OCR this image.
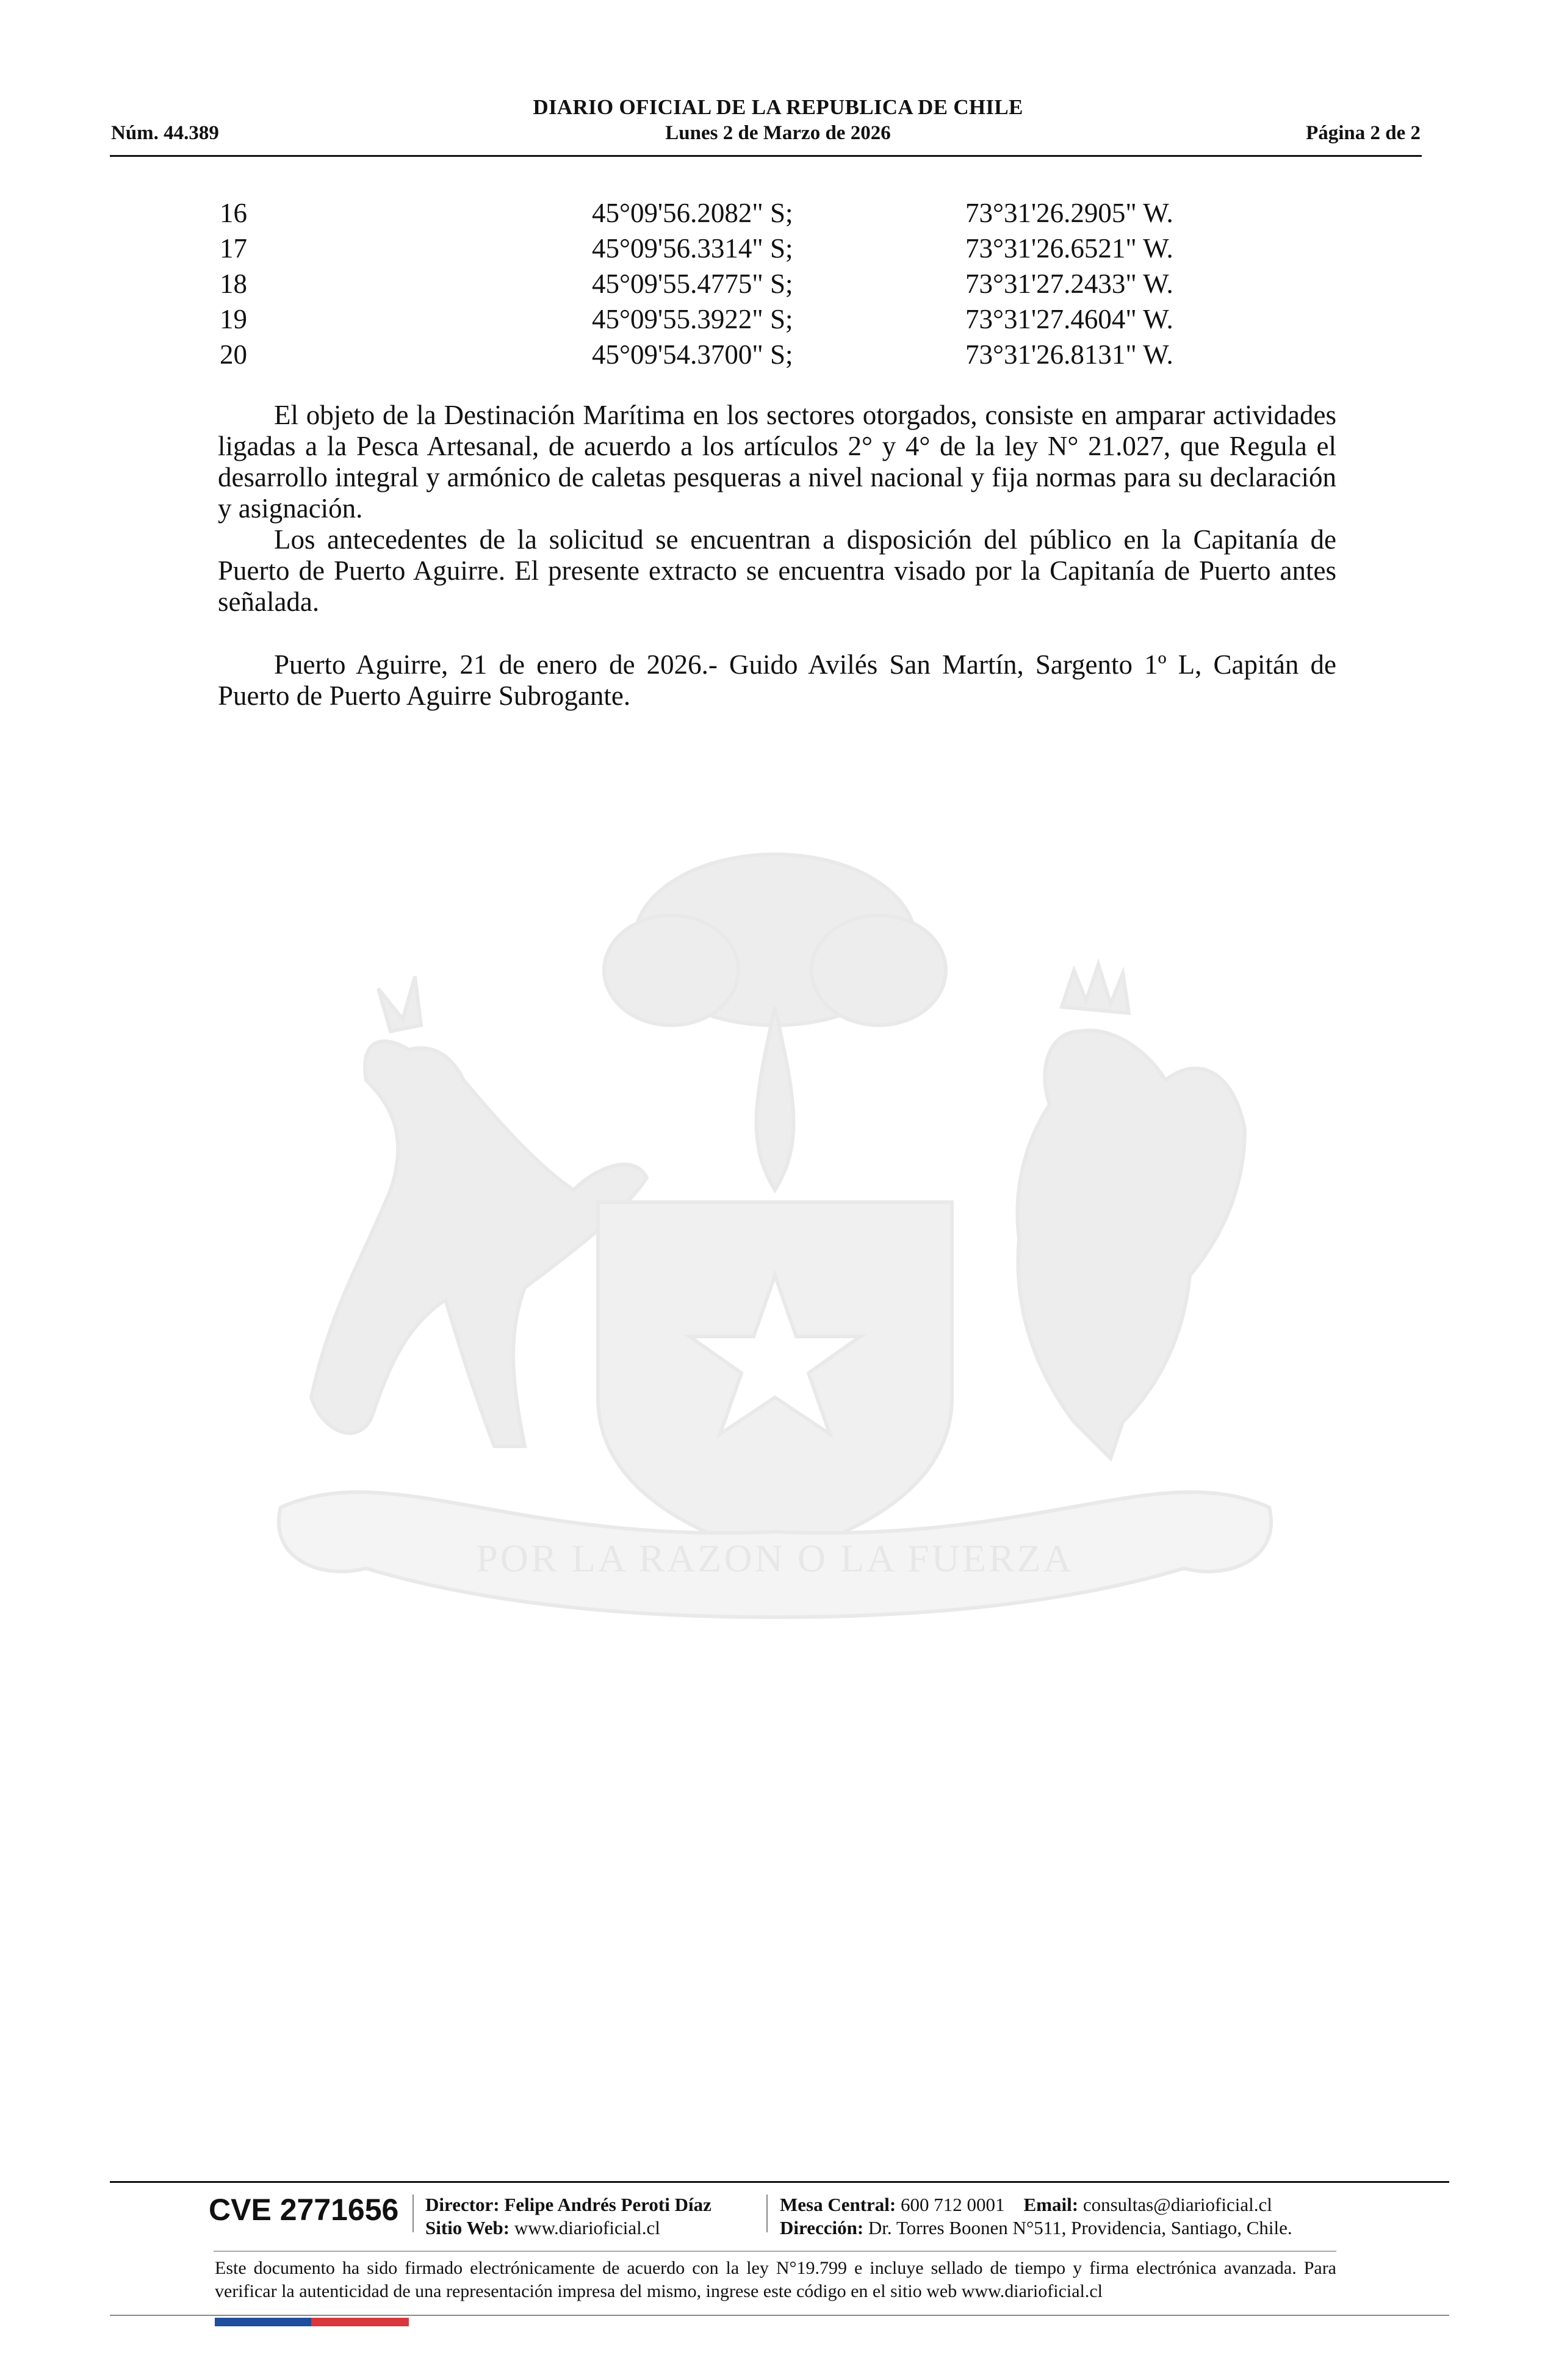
DIARIO OFICIAL DE LA REPUBLICA DE CHILE
Núm. 44.389	Lunes 2 de Marzo de 2026	Página 2 de 2
16	45°09'56.2082" S;	73°31'26.2905" W.
17	45°09'56.3314" S;	73°31'26.6521" W.
18	45°09'55.4775" S;	73°31'27.2433" W.
19	45°09'55.3922" S;	73°31'27.4604" W.
20	45°09'54.3700" S;	73°31'26.8131" W.

El objeto de la Destinación Marítima en los sectores otorgados, consiste en amparar actividades ligadas a la Pesca Artesanal, de acuerdo a los artículos 2° y 4° de la ley N° 21.027, que Regula el desarrollo integral y armónico de caletas pesqueras a nivel nacional y fija normas para su declaración y asignación.

Los antecedentes de la solicitud se encuentran a disposición del público en la Capitanía de Puerto de Puerto Aguirre. El presente extracto se encuentra visado por la Capitanía de Puerto antes señalada.

Puerto Aguirre, 21 de enero de 2026.- Guido Avilés San Martín, Sargento 1º L, Capitán de Puerto de Puerto Aguirre Subrogante.

POR LA RAZON O LA FUERZA
CVE 2771656 Director: Felipe Andrés Peroti Díaz
Sitio Web: www.diarioficial.cl
Mesa Central: 600 712 0001 Email: consultas@diarioficial.cl
Dirección: Dr. Torres Boonen N°511, Providencia, Santiago, Chile.
Este documento ha sido firmado electrónicamente de acuerdo con la ley N°19.799 e incluye sellado de tiempo y firma electrónica avanzada. Para verificar la autenticidad de una representación impresa del mismo, ingrese este código en el sitio web www.diarioficial.cl
